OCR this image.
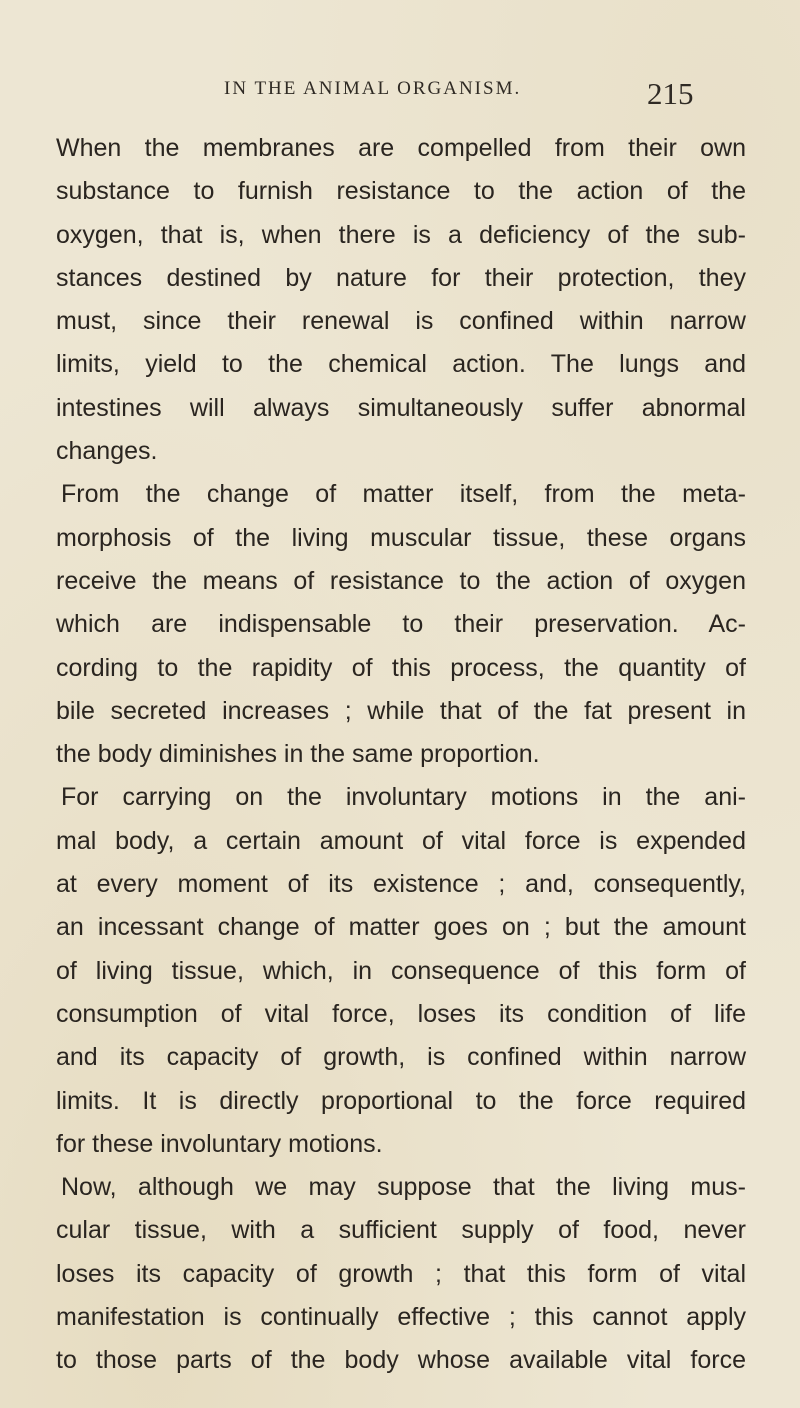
IN THE ANIMAL ORGANISM.	215
When the membranes are compelled from their own
substance to furnish resistance to the action of the
oxygen, that is, when there is a deficiency of the sub-
stances destined by nature for their protection, they
must, since their renewal is confined within narrow
limits, yield to the chemical action. The lungs and
intestines will always simultaneously suffer abnormal
changes.
From the change of matter itself, from the meta-
morphosis of the living muscular tissue, these organs
receive the means of resistance to the action of oxygen
which are indispensable to their preservation. Ac-
cording to the rapidity of this process, the quantity of
bile secreted increases ; while that of the fat present in
the body diminishes in the same proportion.
For carrying on the involuntary motions in the ani-
mal body, a certain amount of vital force is expended
at every moment of its existence ; and, consequently,
an incessant change of matter goes on ; but the amount
of living tissue, which, in consequence of this form of
consumption of vital force, loses its condition of life
and its capacity of growth, is confined within narrow
limits. It is directly proportional to the force required
for these involuntary motions.
Now, although we may suppose that the living mus-
cular tissue, with a sufficient supply of food, never
loses its capacity of growth ; that this form of vital
manifestation is continually effective ; this cannot apply
to those parts of the body whose available vital force
